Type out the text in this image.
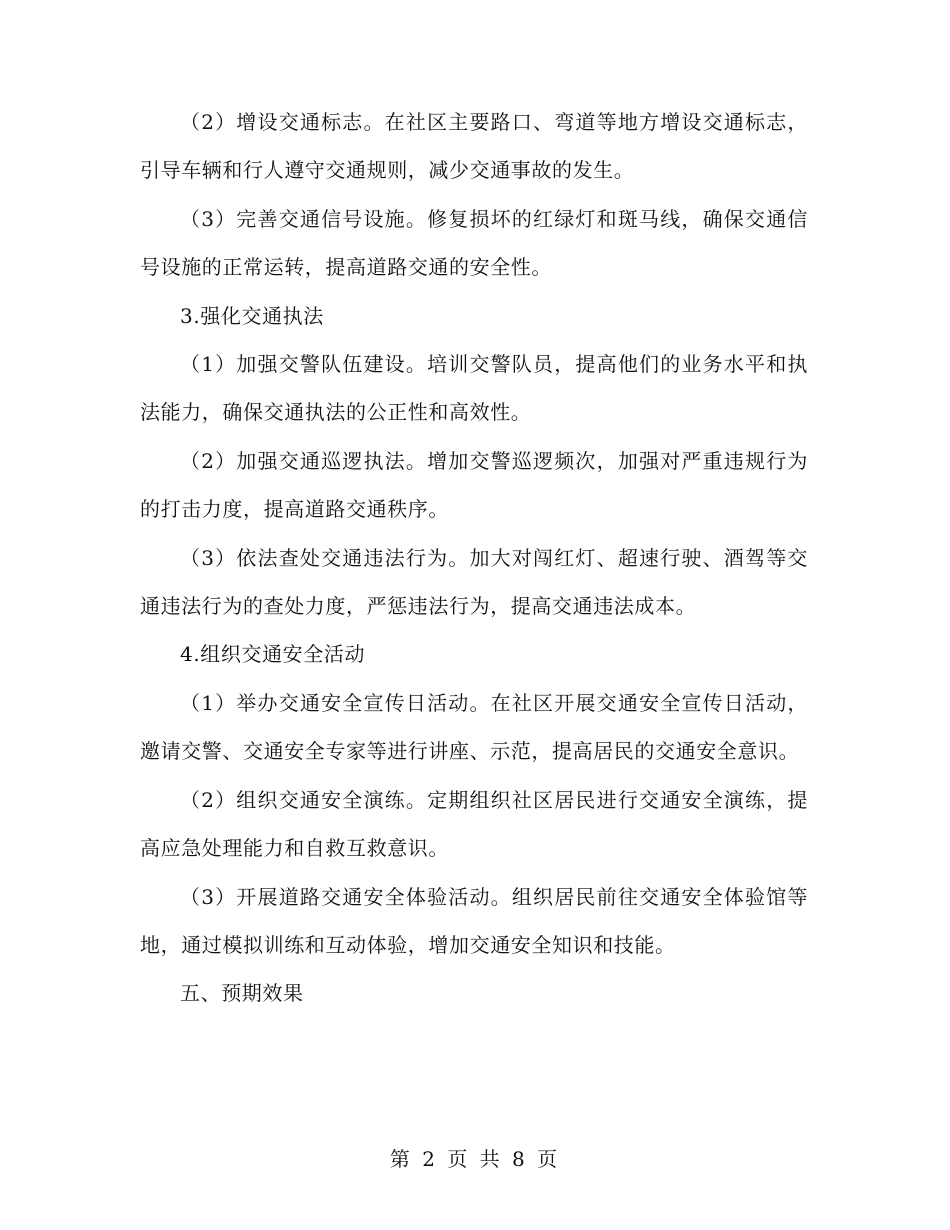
（2）增设交通标志。在社区主要路口、弯道等地方增设交通标志，引导车辆和行人遵守交通规则，减少交通事故的发生。

（3）完善交通信号设施。修复损坏的红绿灯和斑马线，确保交通信号设施的正常运转，提高道路交通的安全性。

3.强化交通执法

（1）加强交警队伍建设。培训交警队员，提高他们的业务水平和执法能力，确保交通执法的公正性和高效性。

（2）加强交通巡逻执法。增加交警巡逻频次，加强对严重违规行为的打击力度，提高道路交通秩序。

（3）依法查处交通违法行为。加大对闯红灯、超速行驶、酒驾等交通违法行为的查处力度，严惩违法行为，提高交通违法成本。

4.组织交通安全活动

（1）举办交通安全宣传日活动。在社区开展交通安全宣传日活动，邀请交警、交通安全专家等进行讲座、示范，提高居民的交通安全意识。

（2）组织交通安全演练。定期组织社区居民进行交通安全演练，提高应急处理能力和自救互救意识。

（3）开展道路交通安全体验活动。组织居民前往交通安全体验馆等地，通过模拟训练和互动体验，增加交通安全知识和技能。

五、预期效果

第 2 页 共 8 页
